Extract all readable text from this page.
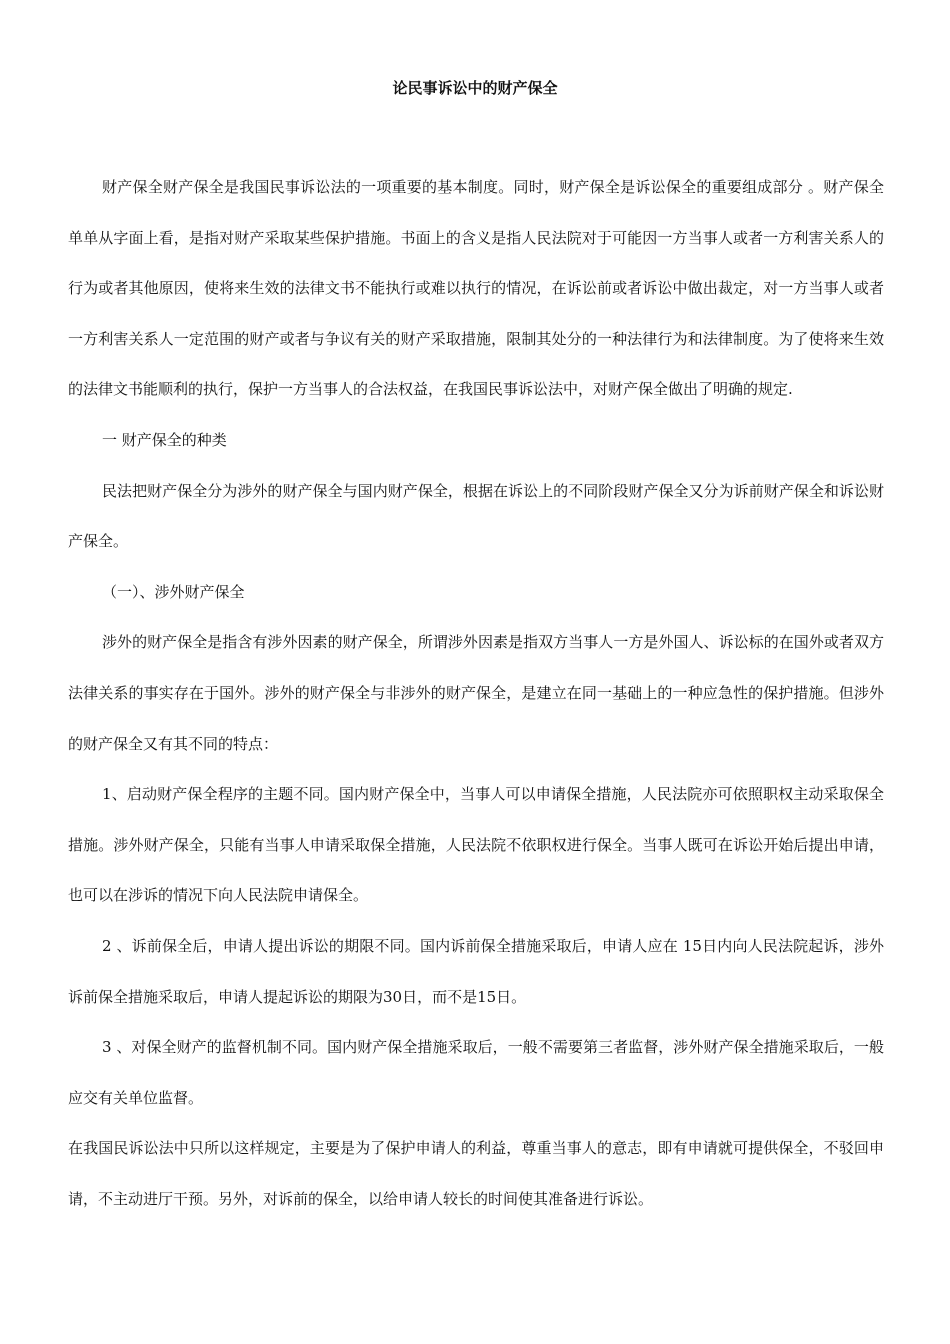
论民事诉讼中的财产保全

财产保全财产保全是我国民事诉讼法的一项重要的基本制度。同时，财产保全是诉讼保全的重要组成部分 。财产保全单单从字面上看，是指对财产采取某些保护措施。书面上的含义是指人民法院对于可能因一方当事人或者一方利害关系人的行为或者其他原因，使将来生效的法律文书不能执行或难以执行的情况，在诉讼前或者诉讼中做出裁定，对一方当事人或者一方利害关系人一定范围的财产或者与争议有关的财产采取措施，限制其处分的一种法律行为和法律制度。为了使将来生效的法律文书能顺利的执行，保护一方当事人的合法权益，在我国民事诉讼法中，对财产保全做出了明确的规定.

一 财产保全的种类

民法把财产保全分为涉外的财产保全与国内财产保全，根据在诉讼上的不同阶段财产保全又分为诉前财产保全和诉讼财产保全。

（一）、涉外财产保全

涉外的财产保全是指含有涉外因素的财产保全，所谓涉外因素是指双方当事人一方是外国人、诉讼标的在国外或者双方法律关系的事实存在于国外。涉外的财产保全与非涉外的财产保全，是建立在同一基础上的一种应急性的保护措施。但涉外的财产保全又有其不同的特点：

1、启动财产保全程序的主题不同。国内财产保全中，当事人可以申请保全措施，人民法院亦可依照职权主动采取保全措施。涉外财产保全，只能有当事人申请采取保全措施，人民法院不依职权进行保全。当事人既可在诉讼开始后提出申请，也可以在涉诉的情况下向人民法院申请保全。

2 、诉前保全后，申请人提出诉讼的期限不同。国内诉前保全措施采取后，申请人应在 15日内向人民法院起诉，涉外诉前保全措施采取后，申请人提起诉讼的期限为30日，而不是15日。

3 、对保全财产的监督机制不同。国内财产保全措施采取后，一般不需要第三者监督，涉外财产保全措施采取后，一般应交有关单位监督。

在我国民诉讼法中只所以这样规定，主要是为了保护申请人的利益，尊重当事人的意志，即有申请就可提供保全，不驳回申请，不主动进厅干预。另外，对诉前的保全，以给申请人较长的时间使其准备进行诉讼。
